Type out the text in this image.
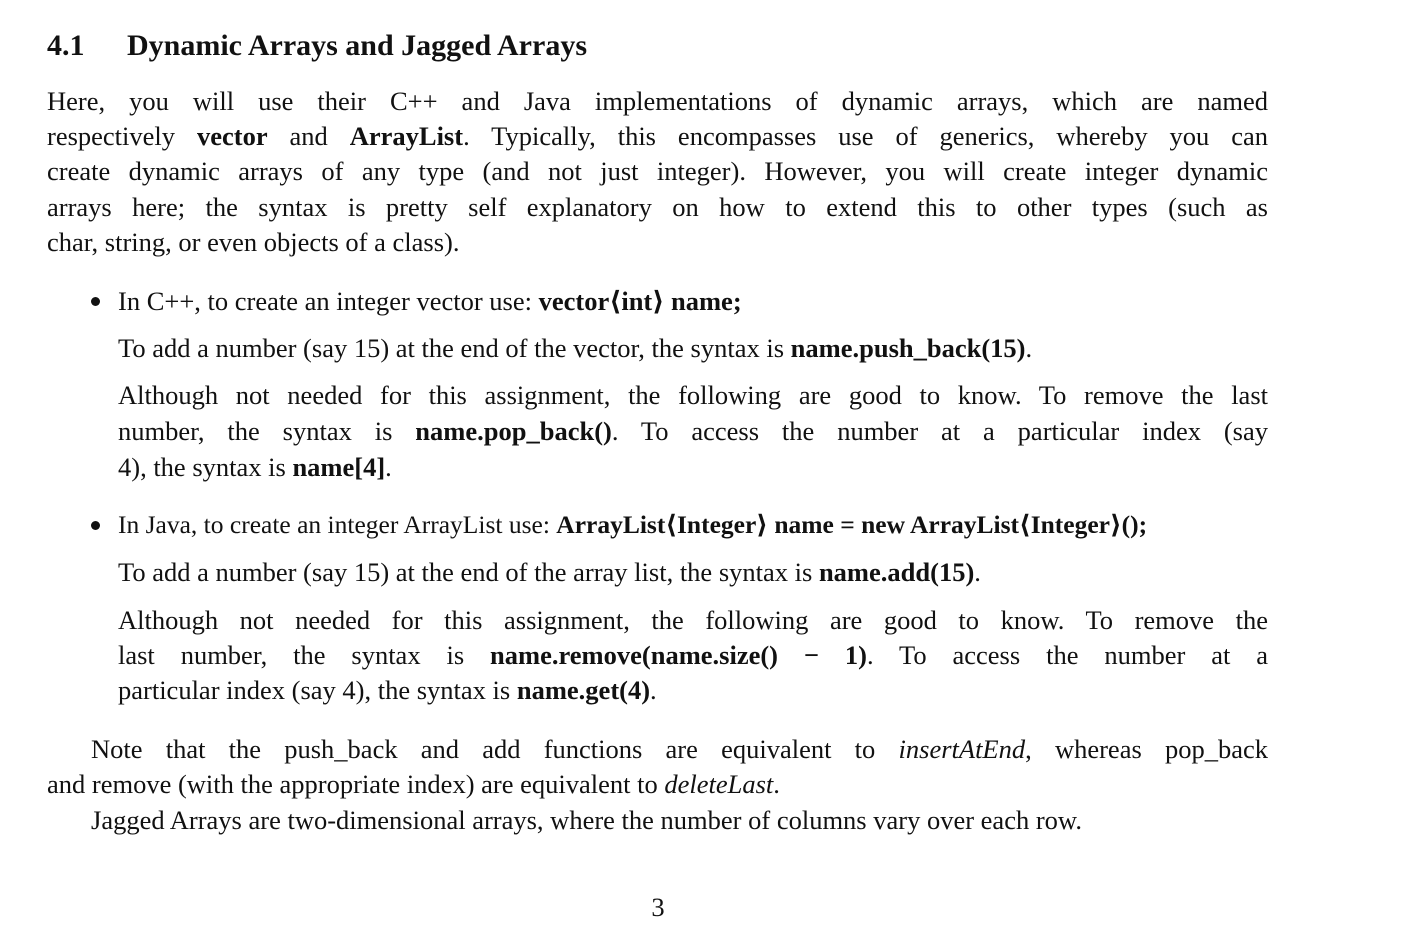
4.1 Dynamic Arrays and Jagged Arrays
Here, you will use their C++ and Java implementations of dynamic arrays, which are named
respectively vector and ArrayList. Typically, this encompasses use of generics, whereby you can
create dynamic arrays of any type (and not just integer). However, you will create integer dynamic
arrays here; the syntax is pretty self explanatory on how to extend this to other types (such as
char, string, or even objects of a class).
In C++, to create an integer vector use: vector⟨int⟩ name;
To add a number (say 15) at the end of the vector, the syntax is name.push_back(15).
Although not needed for this assignment, the following are good to know. To remove the last
number, the syntax is name.pop_back(). To access the number at a particular index (say
4), the syntax is name[4].
In Java, to create an integer ArrayList use: ArrayList⟨Integer⟩ name = new ArrayList⟨Integer⟩();
To add a number (say 15) at the end of the array list, the syntax is name.add(15).
Although not needed for this assignment, the following are good to know. To remove the
last number, the syntax is name.remove(name.size() − 1). To access the number at a
particular index (say 4), the syntax is name.get(4).
Note that the push_back and add functions are equivalent to insertAtEnd, whereas pop_back
and remove (with the appropriate index) are equivalent to deleteLast.
Jagged Arrays are two-dimensional arrays, where the number of columns vary over each row.
3
